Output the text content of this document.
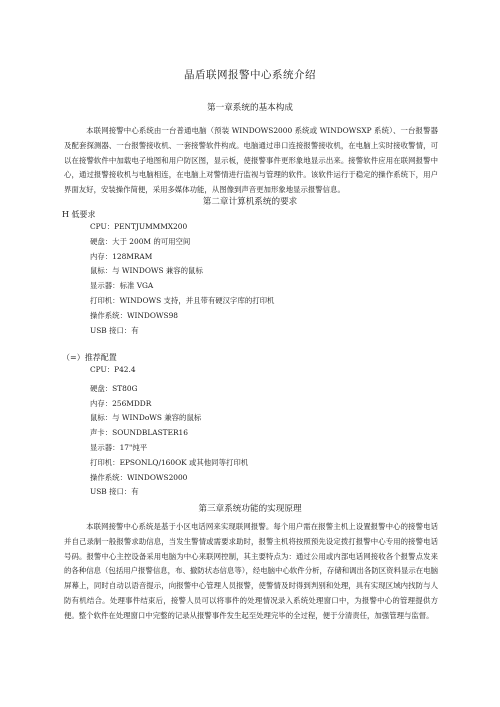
晶盾联网报警中心系统介绍
第一章系统的基本构成

本联网接警中心系统由一台普通电脑（预装 WINDOWS2000 系统或 WINDOWSXP 系统）、一台报警器及配套探测器、一台报警接收机、一套接警软件构成。电脑通过串口连接报警接收机，在电脑上实时接收警情，可以在接警软件中加载电子地图和用户防区图，显示板，使报警事件更形象地显示出来。接警软件应用在联网报警中心，通过报警接收机与电脑相连，在电脑上对警情进行监视与管理的软件。该软件运行于稳定的操作系统下，用户界面友好，安装操作简便，采用多媒体功能，从图像到声音更加形象地显示报警信息。

第二章计算机系统的要求
H 低要求
CPU：PENTJUMMMX200
硬盘：大于 200M 的可用空间
内存：128MRAM
鼠标：与 WINDOWS 兼容的鼠标
显示器：标准 VGA
打印机：WINDOWS 支持，并且带有硬汉字库的打印机
操作系统：WINDOWS98
USB 接口：有
（=）推荐配置
CPU：P42.4
硬盘：ST80G
内存：256MDDR
鼠标：与 WINDoWS 兼容的鼠标
声卡：SOUNDBLASTER16
显示器：17"纯平
打印机：EPSONLQ/160OK 或其他同等打印机
操作系统：WINDOWS2000
USB 接口：有
第三章系统功能的实现原理

本联网接警中心系统是基于小区电话网来实现联网报警。每个用户需在报警主机上设置报警中心的接警电话并自己录制一般报警求助信息，当发生警情或需要求助时，报警主机将按照预先设定拨打报警中心专用的接警电话号码。报警中心主控设备采用电脑为中心来联网控制，其主要特点为：通过公用或内部电话网接收各个报警点发来的各种信息（包括用户报警信息，布、撤防状态信息等），经电脑中心软件分析，存储和调出各防区资料显示在电脑屏幕上，同时自动以语音提示，向报警中心管理人员报警，使警情及时得到判别和处理，具有实现区域内找防与人防有机结合。处理事件结束后，接警人员可以将事件的处理情况录入系统处理窗口中，为报警中心的管理提供方便。整个软件在处理窗口中完整的记录从报警事件发生起至处理完毕的全过程，便于分清责任，加强管理与监督。
